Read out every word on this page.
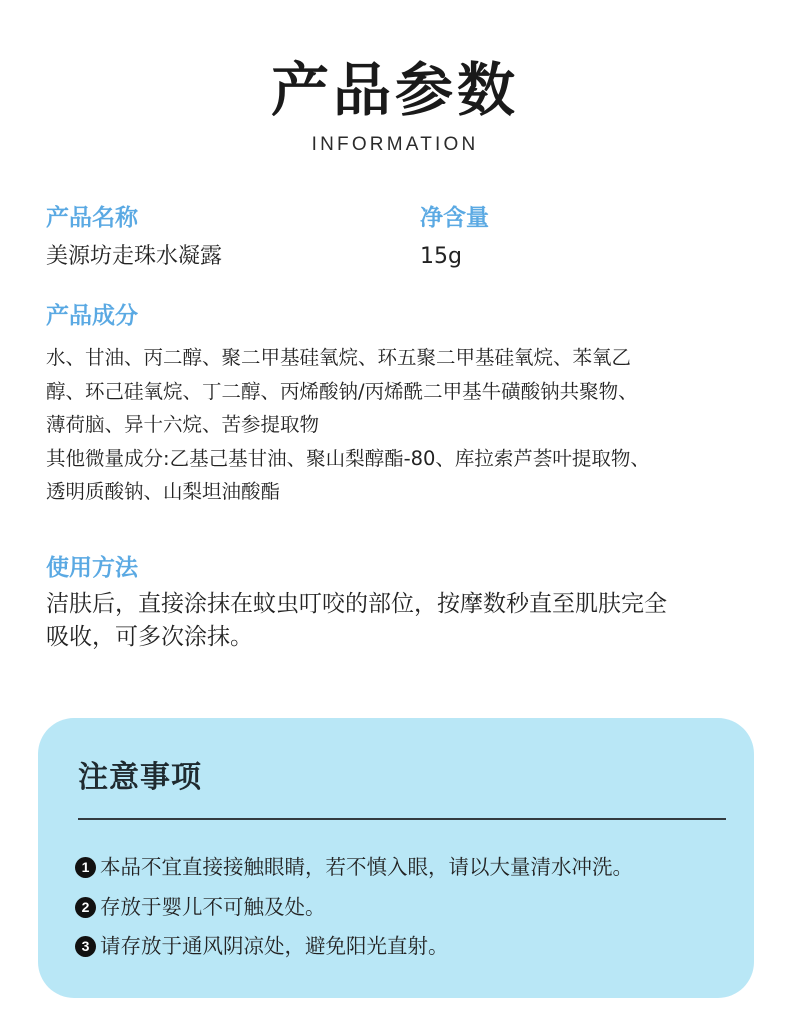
产品参数
INFORMATION
产品名称
美源坊走珠水凝露
净含量
15g
产品成分
水、甘油、丙二醇、聚二甲基硅氧烷、环五聚二甲基硅氧烷、苯氧乙
醇、环己硅氧烷、丁二醇、丙烯酸钠/丙烯酰二甲基牛磺酸钠共聚物、
薄荷脑、异十六烷、苦参提取物
其他微量成分:乙基己基甘油、聚山梨醇酯-80、库拉索芦荟叶提取物、
透明质酸钠、山梨坦油酸酯
使用方法
洁肤后，直接涂抹在蚊虫叮咬的部位，按摩数秒直至肌肤完全
吸收，可多次涂抹。
注意事项
1 本品不宜直接接触眼睛，若不慎入眼，请以大量清水冲洗。
2 存放于婴儿不可触及处。
3 请存放于通风阴凉处，避免阳光直射。
